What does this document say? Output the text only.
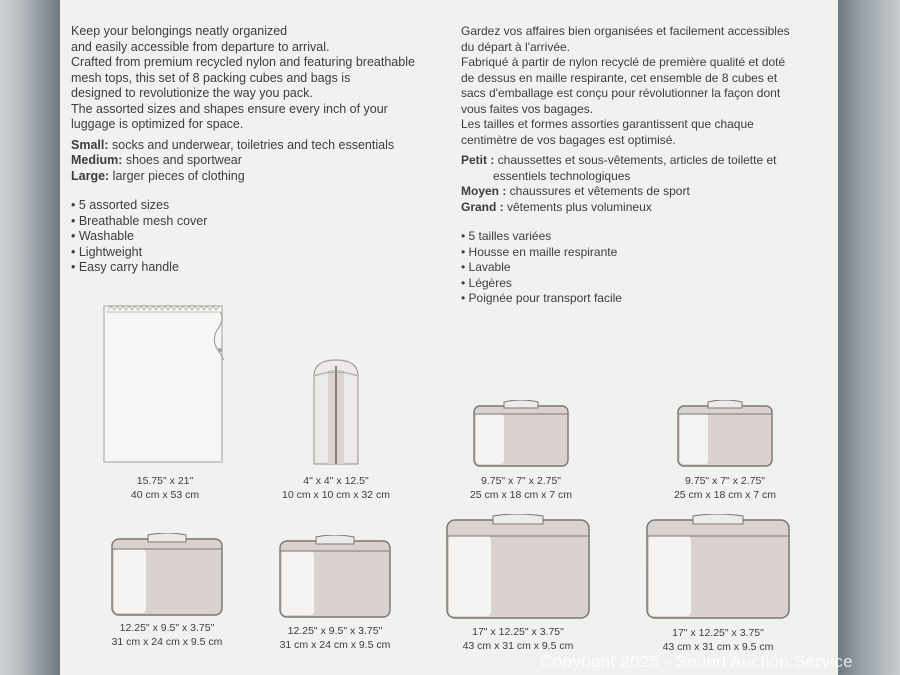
Keep your belongings neatly organized

and easily accessible from departure to arrival.

Crafted from premium recycled nylon and featuring breathable

mesh tops, this set of 8 packing cubes and bags is

designed to revolutionize the way you pack.

The assorted sizes and shapes ensure every inch of your

luggage is optimized for space.

Small: socks and underwear, toiletries and tech essentials

Medium: shoes and sportwear

Large: larger pieces of clothing

• 5 assorted sizes

• Breathable mesh cover

• Washable

• Lightweight

• Easy carry handle

Gardez vos affaires bien organisées et facilement accessibles

du départ à l'arrivée.

Fabriqué à partir de nylon recyclé de première qualité et doté

de dessus en maille respirante, cet ensemble de 8 cubes et

sacs d'emballage est conçu pour révolutionner la façon dont

vous faites vos bagages.

Les tailles et formes assorties garantissent que chaque

centimètre de vos bagages est optimisé.

Petit : chaussettes et sous-vêtements, articles de toilette et

essentiels technologiques

Moyen : chaussures et vêtements de sport

Grand : vêtements plus volumineux

• 5 tailles variées

• Housse en maille respirante

• Lavable

• Légères

• Poignée pour transport facile

15.75" x 21"
40 cm x 53 cm
4" x 4" x 12.5"
10 cm x 10 cm x 32 cm
9.75" x 7" x 2.75"
25 cm x 18 cm x 7 cm
9.75" x 7" x 2.75"
25 cm x 18 cm x 7 cm
12.25" x 9.5" x 3.75"
31 cm x 24 cm x 9.5 cm
12.25" x 9.5" x 3.75"
31 cm x 24 cm x 9.5 cm
17" x 12.25" x 3.75"
43 cm x 31 cm x 9.5 cm
17" x 12.25" x 3.75"
43 cm x 31 cm x 9.5 cm
Copyright 2025 - Sound Auction Service
